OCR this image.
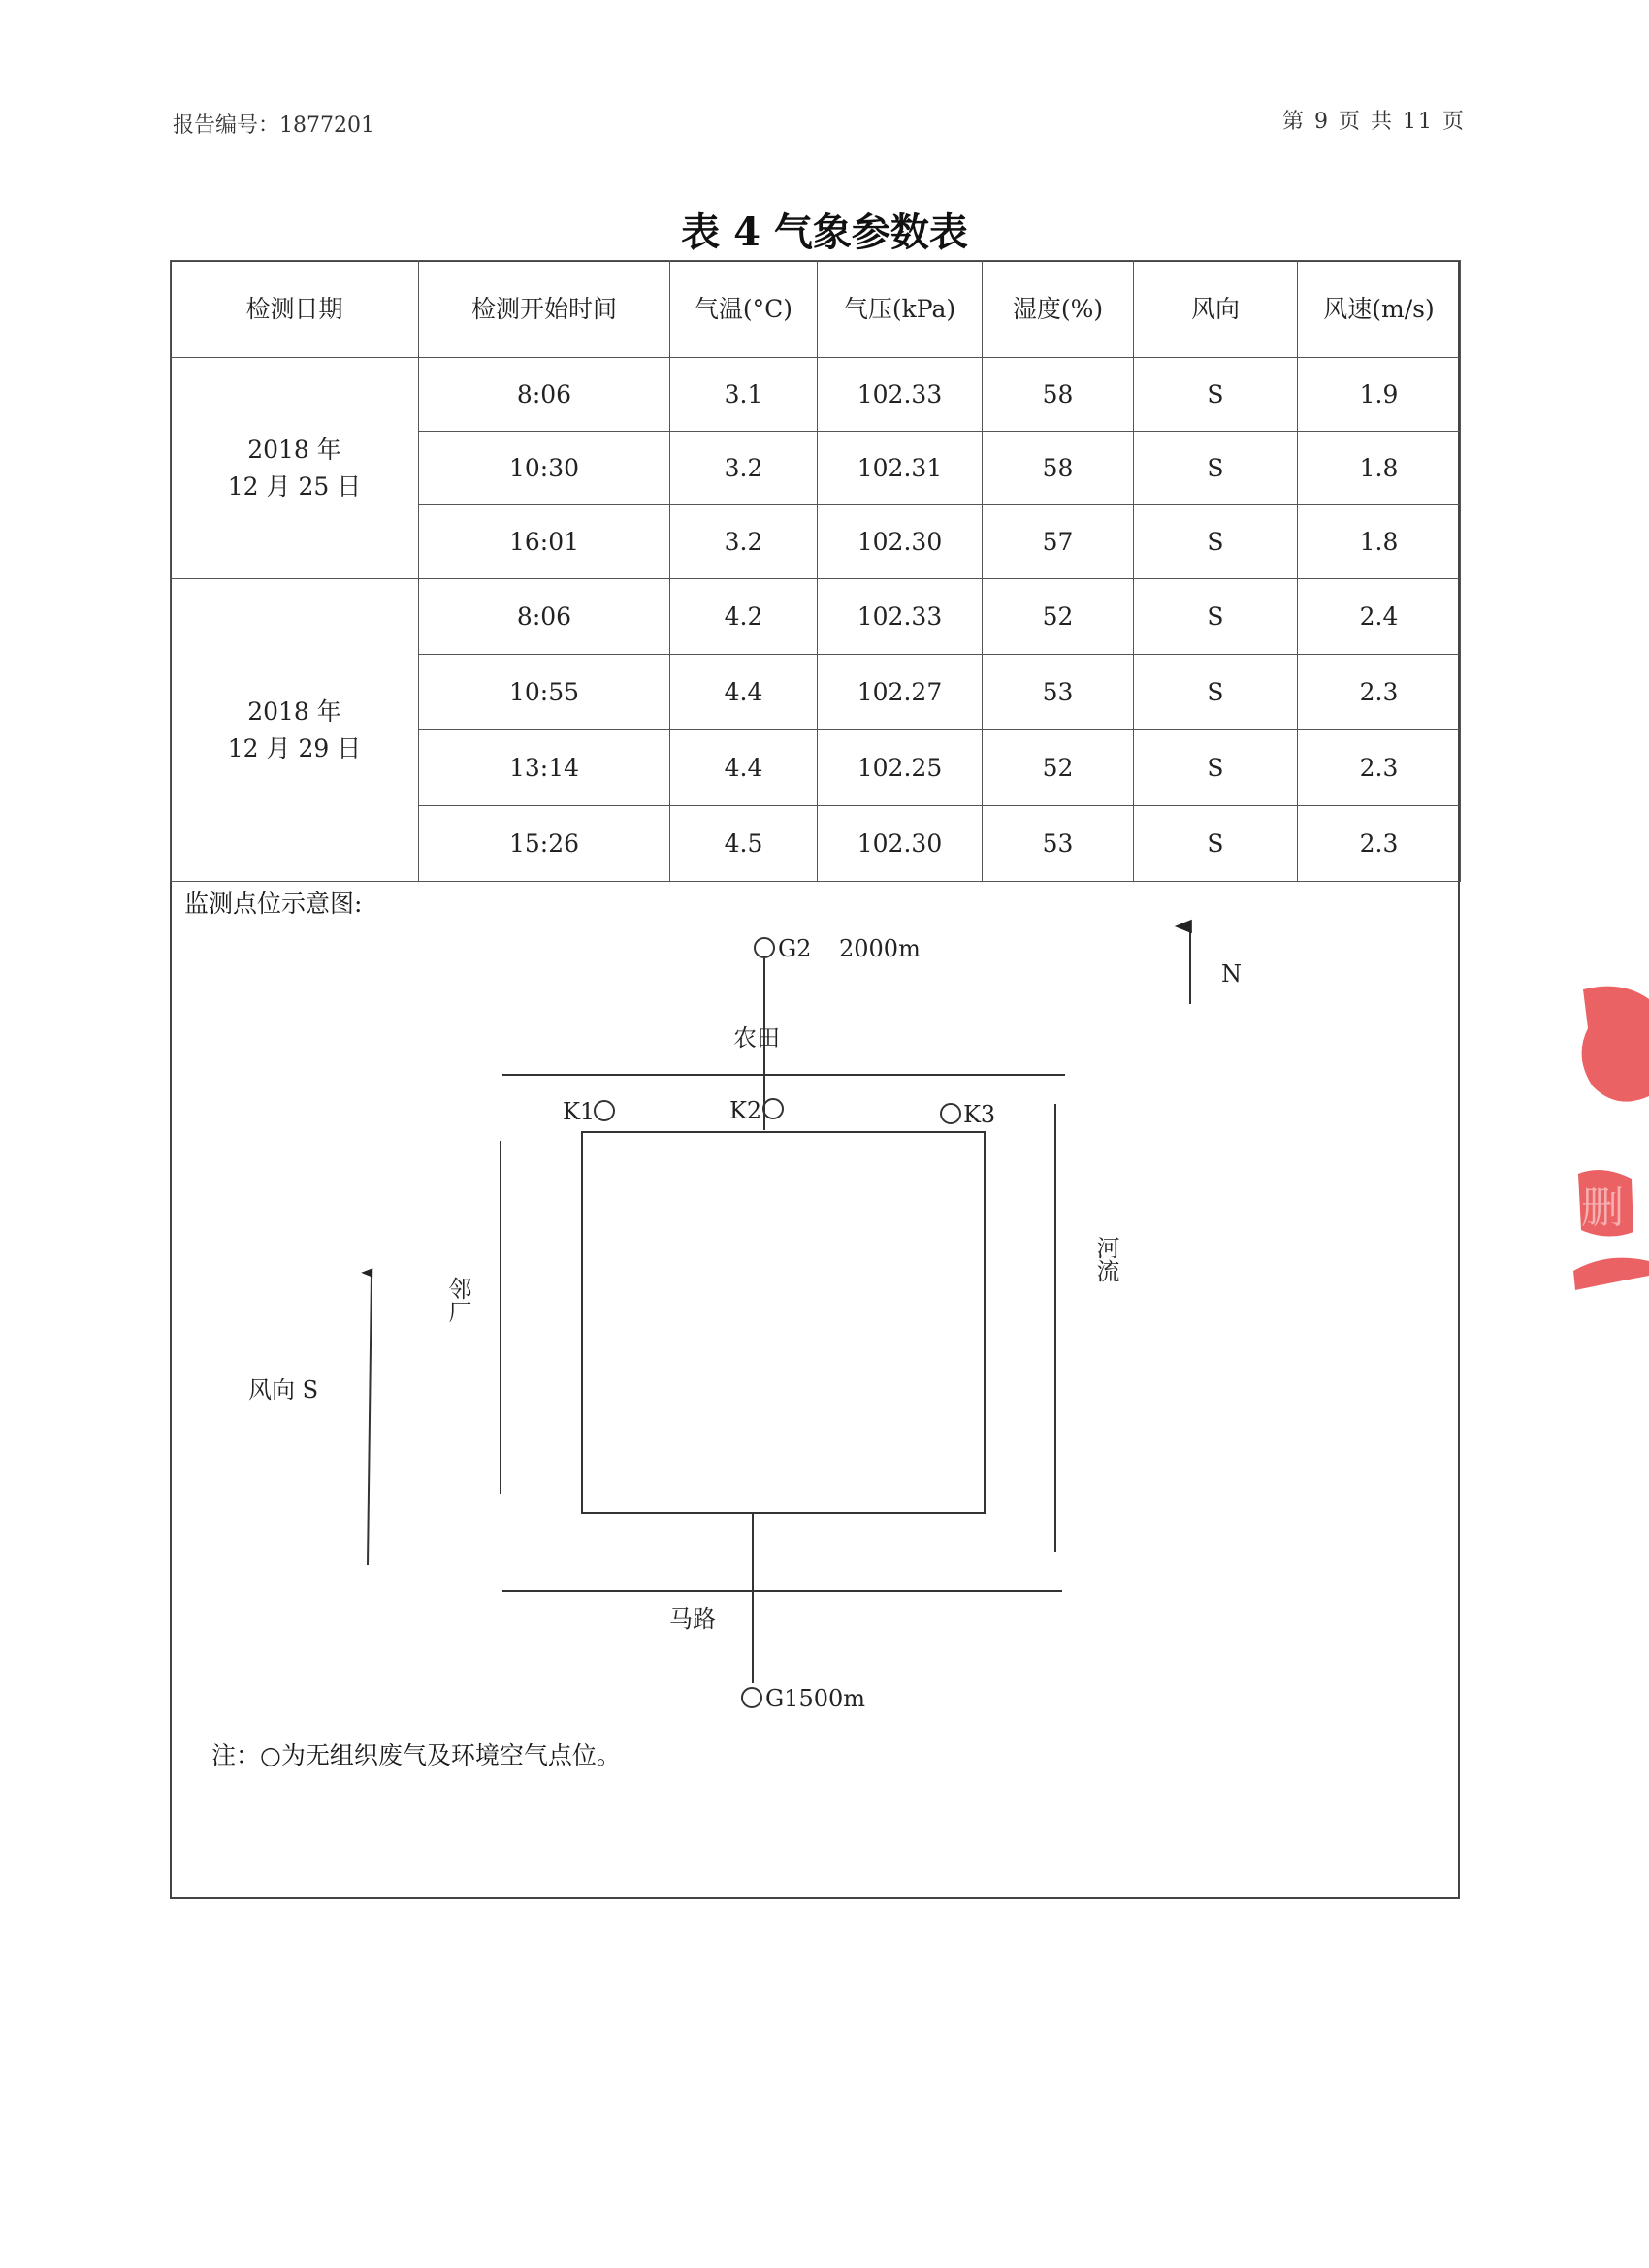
报告编号：1877201	第 9 页 共 11 页
表 4 气象参数表
检测日期	检测开始时间	气温(°C)	气压(kPa)	湿度(%)	风向	风速(m/s)

2018 年
12 月 25 日	8:06	3.1	102.33	58	S	1.9
	10:30	3.2	102.31	58	S	1.8
	16:01	3.2	102.30	57	S	1.8

2018 年
12 月 29 日	8:06	4.2	102.33	52	S	2.4
	10:55	4.4	102.27	53	S	2.3
	13:14	4.4	102.25	52	S	2.3
	15:26	4.5	102.30	53	S	2.3
监测点位示意图:
G2 2000m
N
农田
K1	K2	K3
邻厂
河流
风向 S
马路
G1500m
注：○为无组织废气及环境空气点位。
删
